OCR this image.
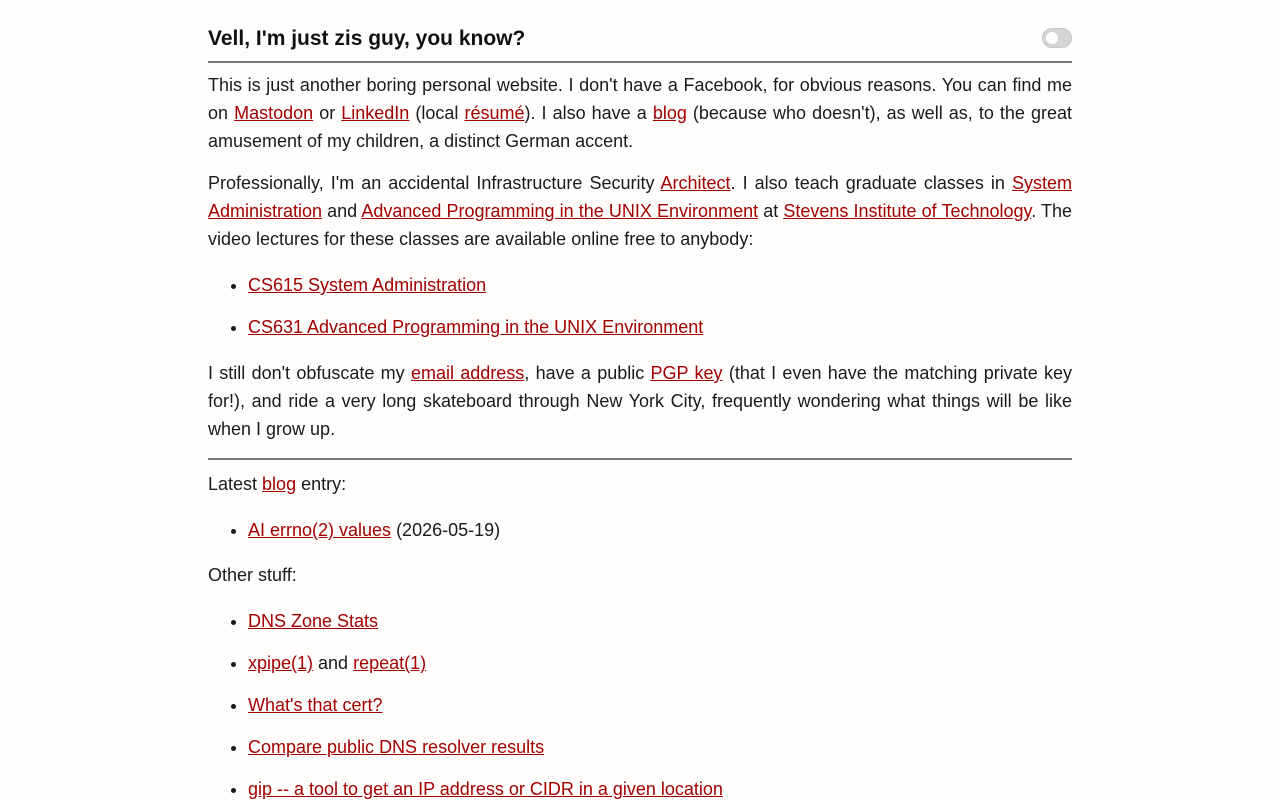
Vell, I'm just zis guy, you know?

This is just another boring personal website. I don't have a Facebook, for obvious reasons. You can find me on Mastodon or LinkedIn (local résumé). I also have a blog (because who doesn't), as well as, to the great amusement of my children, a distinct German accent.

Professionally, I'm an accidental Infrastructure Security Architect. I also teach graduate classes in System Administration and Advanced Programming in the UNIX Environment at Stevens Institute of Technology. The video lectures for these classes are available online free to anybody:

• CS615 System Administration
• CS631 Advanced Programming in the UNIX Environment

I still don't obfuscate my email address, have a public PGP key (that I even have the matching private key for!), and ride a very long skateboard through New York City, frequently wondering what things will be like when I grow up.

Latest blog entry:

• AI errno(2) values (2026-05-19)

Other stuff:

• DNS Zone Stats
• xpipe(1) and repeat(1)
• What's that cert?
• Compare public DNS resolver results
• gip -- a tool to get an IP address or CIDR in a given location
